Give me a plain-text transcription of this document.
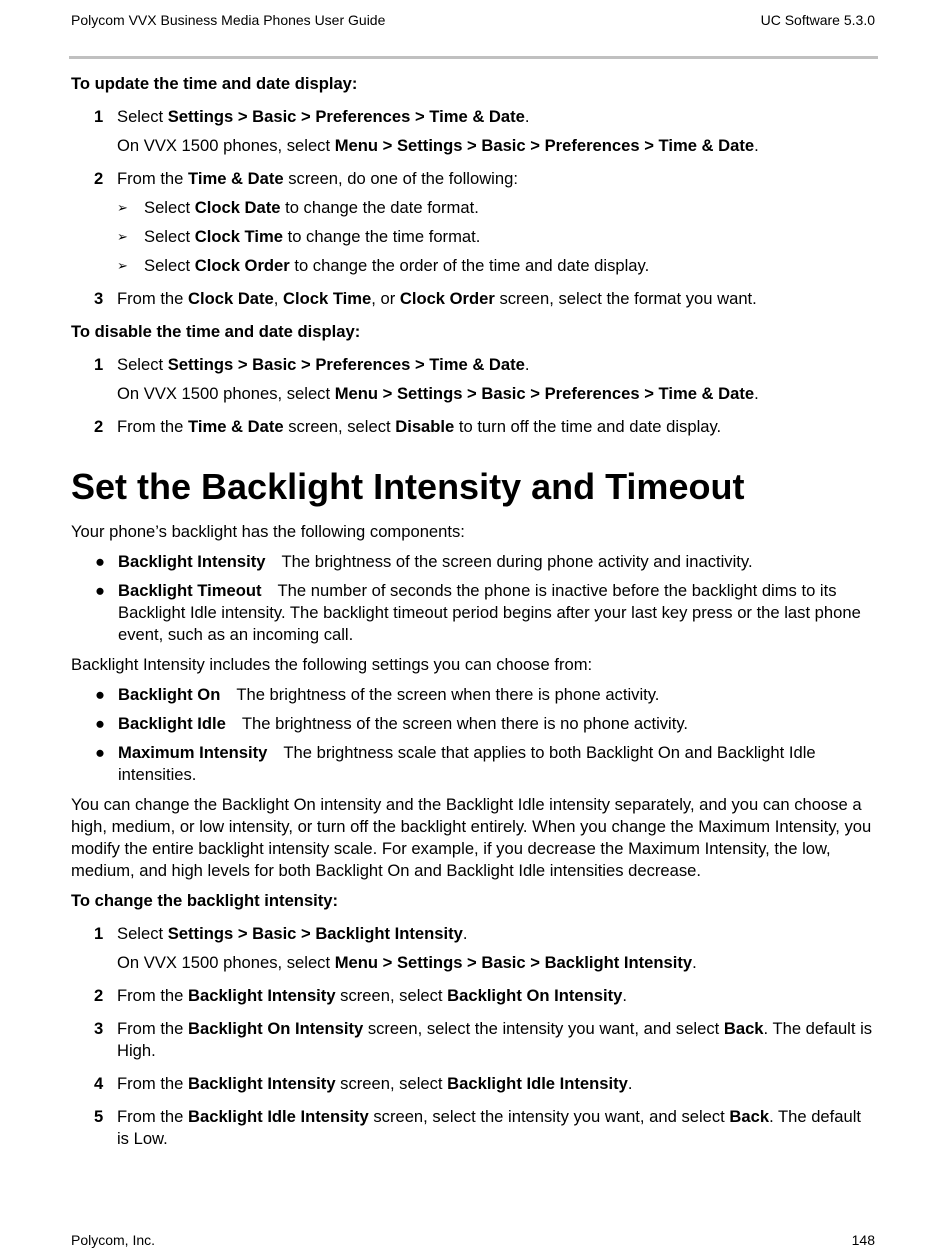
Polycom VVX Business Media Phones User Guide	UC Software 5.3.0
To update the time and date display:
1 Select Settings > Basic > Preferences > Time & Date.
On VVX 1500 phones, select Menu > Settings > Basic > Preferences > Time & Date.
2 From the Time & Date screen, do one of the following:
➢ Select Clock Date to change the date format.
➢ Select Clock Time to change the time format.
➢ Select Clock Order to change the order of the time and date display.
3 From the Clock Date, Clock Time, or Clock Order screen, select the format you want.
To disable the time and date display:
1 Select Settings > Basic > Preferences > Time & Date.
On VVX 1500 phones, select Menu > Settings > Basic > Preferences > Time & Date.
2 From the Time & Date screen, select Disable to turn off the time and date display.
Set the Backlight Intensity and Timeout

Your phone’s backlight has the following components:

● Backlight Intensity The brightness of the screen during phone activity and inactivity.
● Backlight Timeout The number of seconds the phone is inactive before the backlight dims to its Backlight Idle intensity. The backlight timeout period begins after your last key press or the last phone event, such as an incoming call.

Backlight Intensity includes the following settings you can choose from:

● Backlight On The brightness of the screen when there is phone activity.
● Backlight Idle The brightness of the screen when there is no phone activity.
● Maximum Intensity The brightness scale that applies to both Backlight On and Backlight Idle intensities.

You can change the Backlight On intensity and the Backlight Idle intensity separately, and you can choose a high, medium, or low intensity, or turn off the backlight entirely. When you change the Maximum Intensity, you modify the entire backlight intensity scale. For example, if you decrease the Maximum Intensity, the low, medium, and high levels for both Backlight On and Backlight Idle intensities decrease.

To change the backlight intensity:
1 Select Settings > Basic > Backlight Intensity.
On VVX 1500 phones, select Menu > Settings > Basic > Backlight Intensity.
2 From the Backlight Intensity screen, select Backlight On Intensity.
3 From the Backlight On Intensity screen, select the intensity you want, and select Back. The default is High.
4 From the Backlight Intensity screen, select Backlight Idle Intensity.
5 From the Backlight Idle Intensity screen, select the intensity you want, and select Back. The default is Low.
Polycom, Inc.	148
